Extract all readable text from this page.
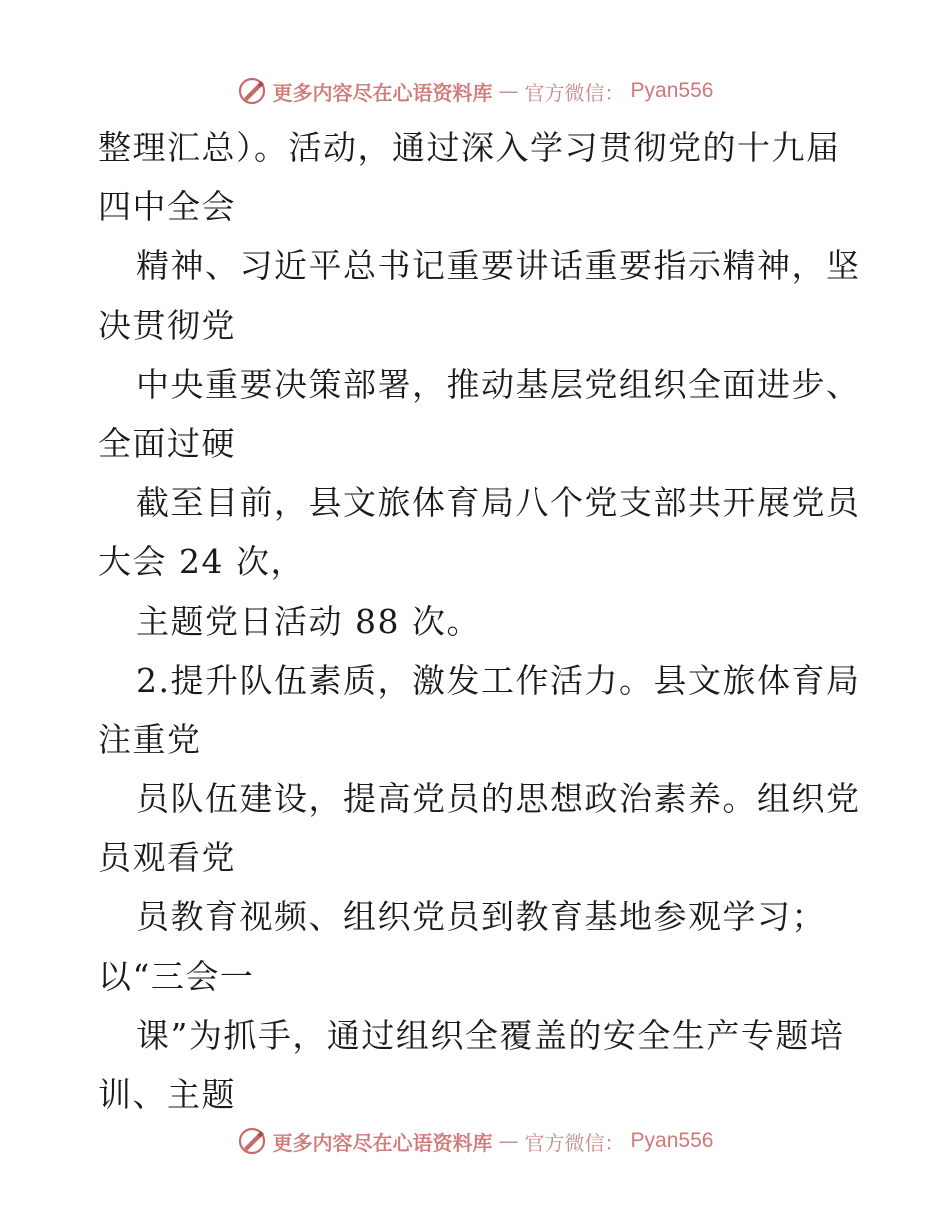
更多内容尽在心语资料库 — 官方微信： Pyan556
整理汇总）。活动，通过深入学习贯彻党的十九届
四中全会
精神、习近平总书记重要讲话重要指示精神，坚
决贯彻党
中央重要决策部署，推动基层党组织全面进步、
全面过硬
截至目前，县文旅体育局八个党支部共开展党员
大会 24 次，
主题党日活动 88 次。
2.提升队伍素质，激发工作活力。县文旅体育局
注重党
员队伍建设，提高党员的思想政治素养。组织党
员观看党
员教育视频、组织党员到教育基地参观学习；
以“三会一
课”为抓手，通过组织全覆盖的安全生产专题培
训、主题
更多内容尽在心语资料库 — 官方微信： Pyan556
